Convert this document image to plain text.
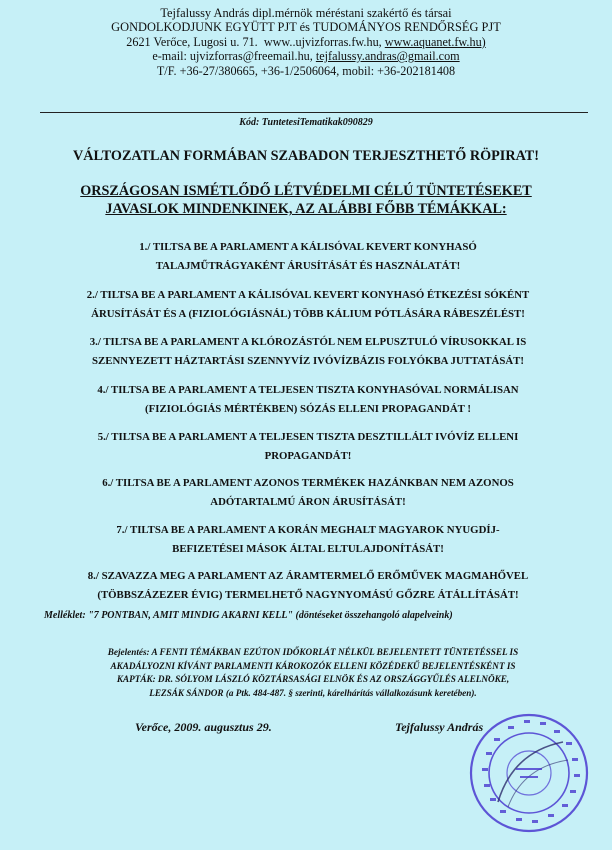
Tejfalussy András dipl.mérnök méréstani szakértő és társai
GONDOLKODJUNK EGYÜTT PJT és TUDOMÁNYOS RENDŐRSÉG PJT
2621 Verőce, Lugosi u. 71. www..ujvizforras.fw.hu, www.aquanet.fw.hu)
e-mail: ujvizforras@freemail.hu, tejfalussy.andras@gmail.com
T/F. +36-27/380665, +36-1/2506064, mobil: +36-202181408
Kód: TuntetesiTematikak090829
VÁLTOZATLAN FORMÁBAN SZABADON TERJESZTHETŐ RÖPIRAT!
ORSZÁGOSAN ISMÉTLŐDŐ LÉTVÉDELMI CÉLÚ TÜNTETÉSEKET
JAVASLOK MINDENKINEK, AZ ALÁBBI FŐBB TÉMÁKKAL:
1./ TILTSA BE A PARLAMENT A KÁLISÓVAL KEVERT KONYHASÓ
TALAJMŰTRÁGYAKÉNT ÁRUSÍTÁSÁT ÉS HASZNÁLATÁT!
2./ TILTSA BE A PARLAMENT A KÁLISÓVAL KEVERT KONYHASÓ ÉTKEZÉSI SÓKÉNT
ÁRUSÍTÁSÁT ÉS A (FIZIOLÓGIÁSNÁL) TÖBB KÁLIUM PÓTLÁSÁRA RÁBESZÉLÉST!
3./ TILTSA BE A PARLAMENT A KLÓROZÁSTÓL NEM ELPUSZTULÓ VÍRUSOKKAL IS
SZENNYEZETT HÁZTARTÁSI SZENNYVÍZ IVÓVÍZBÁZIS FOLYÓKBA JUTTATÁSÁT!
4./ TILTSA BE A PARLAMENT A TELJESEN TISZTA KONYHASÓVAL NORMÁLISAN
(FIZIOLÓGIÁS MÉRTÉKBEN) SÓZÁS ELLENI PROPAGANDÁT !
5./ TILTSA BE A PARLAMENT A TELJESEN TISZTA DESZTILLÁLT IVÓVÍZ ELLENI
PROPAGANDÁT!
6./ TILTSA BE A PARLAMENT AZONOS TERMÉKEK HAZÁNKBAN NEM AZONOS
ADÓTARTALMÚ ÁRON ÁRUSÍTÁSÁT!
7./ TILTSA BE A PARLAMENT A KORÁN MEGHALT MAGYAROK NYUGDÍJ-
BEFIZETÉSEI MÁSOK ÁLTAL ELTULAJDONÍTÁSÁT!
8./ SZAVAZZA MEG A PARLAMENT AZ ÁRAMTERMELŐ ERŐMŰVEK MAGMAHŐVEL
(TÖBBSZÁZEZER ÉVIG) TERMELHETŐ NAGYNYOMÁSÚ GŐZRE ÁTÁLLÍTÁSÁT!
Melléklet: "7 PONTBAN, AMIT MINDIG AKARNI KELL" (döntéseket összehangoló alapelveink)
Bejelentés: A FENTI TÉMÁKBAN EZÚTON IDŐKORLÁT NÉLKÜL BEJELENTETT TÜNTETÉSSEL IS
AKADÁLYOZNI KÍVÁNT PARLAMENTI KÁROKOZÓK ELLENI KÖZÉDEKŰ BEJELENTÉSKÉNT IS
KAPTÁK: DR. SÓLYOM LÁSZLÓ KÖZTÁRSASÁGI ELNÖK ÉS AZ ORSZÁGGYŰLÉS ALELNÖKE,
LEZSÁK SÁNDOR (a Ptk. 484-487. § szerinti, kárelhárítás vállalkozásunk keretében).
Verőce, 2009. augusztus 29.	Tejfalussy András
